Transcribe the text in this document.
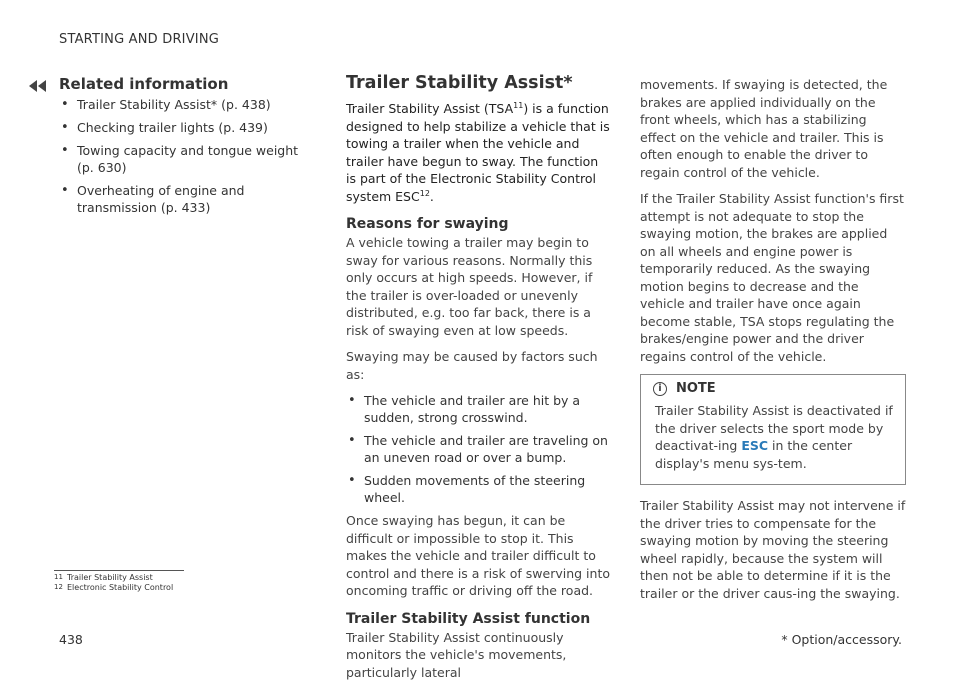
STARTING AND DRIVING
Related information
• Trailer Stability Assist* (p. 438)
• Checking trailer lights (p. 439)
• Towing capacity and tongue weight (p. 630)
• Overheating of engine and transmission (p. 433)
Trailer Stability Assist*

Trailer Stability Assist (TSA$^{11}$) is a function designed to help stabilize a vehicle that is towing a trailer when the vehicle and trailer have begun to sway. The function is part of the Electronic Stability Control system ESC$^{12}$.

Reasons for swaying

A vehicle towing a trailer may begin to sway for various reasons. Normally this only occurs at high speeds. However, if the trailer is over-loaded or unevenly distributed, e.g. too far back, there is a risk of swaying even at low speeds.

Swaying may be caused by factors such as:

• The vehicle and trailer are hit by a sudden, strong crosswind.
• The vehicle and trailer are traveling on an uneven road or over a bump.
• Sudden movements of the steering wheel.

Once swaying has begun, it can be difficult or impossible to stop it. This makes the vehicle and trailer difficult to control and there is a risk of swerving into oncoming traffic or driving off the road.

Trailer Stability Assist function

Trailer Stability Assist continuously monitors the vehicle's movements, particularly lateral

movements. If swaying is detected, the brakes are applied individually on the front wheels, which has a stabilizing effect on the vehicle and trailer. This is often enough to enable the driver to regain control of the vehicle.

If the Trailer Stability Assist function's first attempt is not adequate to stop the swaying motion, the brakes are applied on all wheels and engine power is temporarily reduced. As the swaying motion begins to decrease and the vehicle and trailer have once again become stable, TSA stops regulating the brakes/engine power and the driver regains control of the vehicle.

i	NOTE

Trailer Stability Assist is deactivated if the driver selects the sport mode by deactivat-ing ESC in the center display's menu sys-tem.

Trailer Stability Assist may not intervene if the driver tries to compensate for the swaying motion by moving the steering wheel rapidly, because the system will then not be able to determine if it is the trailer or the driver caus-ing the swaying.

11 Trailer Stability Assist
12 Electronic Stability Control
438	* Option/accessory.
